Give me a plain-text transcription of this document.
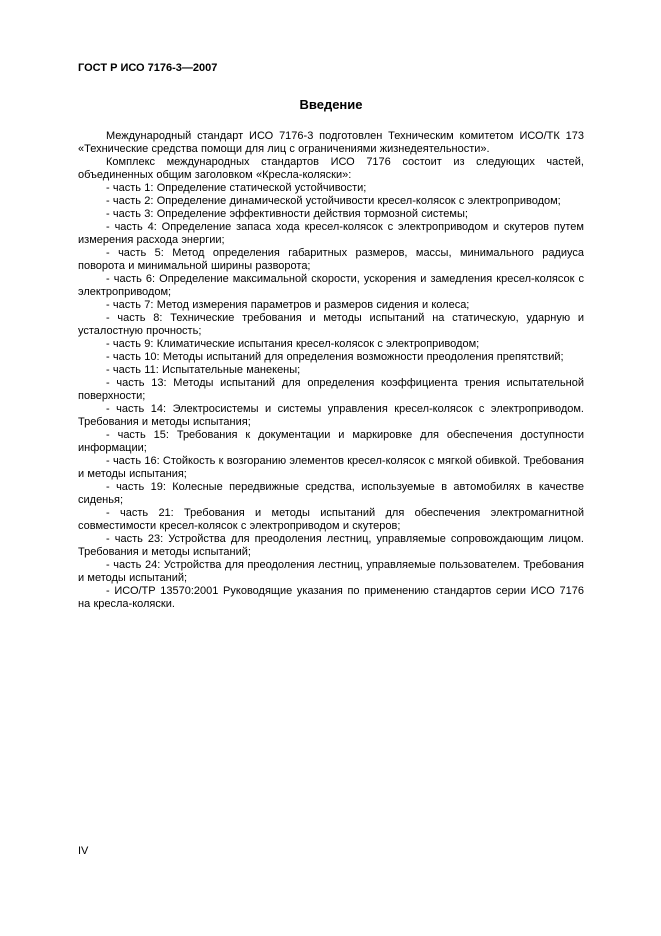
ГОСТ Р ИСО 7176-3—2007
Введение

Международный стандарт ИСО 7176-3 подготовлен Техническим комитетом ИСО/ТК 173 «Технические средства помощи для лиц с ограничениями жизнедеятельности».

Комплекс международных стандартов ИСО 7176 состоит из следующих частей, объединенных общим заголовком «Кресла-коляски»:

- часть 1: Определение статической устойчивости;

- часть 2: Определение динамической устойчивости кресел-колясок с электроприводом;

- часть 3: Определение эффективности действия тормозной системы;

- часть 4: Определение запаса хода кресел-колясок с электроприводом и скутеров путем измерения расхода энергии;

- часть 5: Метод определения габаритных размеров, массы, минимального радиуса поворота и минимальной ширины разворота;

- часть 6: Определение максимальной скорости, ускорения и замедления кресел-колясок с электроприводом;

- часть 7: Метод измерения параметров и размеров сидения и колеса;

- часть 8: Технические требования и методы испытаний на статическую, ударную и усталостную прочность;

- часть 9: Климатические испытания кресел-колясок с электроприводом;

- часть 10: Методы испытаний для определения возможности преодоления препятствий;

- часть 11: Испытательные манекены;

- часть 13: Методы испытаний для определения коэффициента трения испытательной поверхности;

- часть 14: Электросистемы и системы управления кресел-колясок с электроприводом. Требования и методы испытания;

- часть 15: Требования к документации и маркировке для обеспечения доступности информации;

- часть 16: Стойкость к возгоранию элементов кресел-колясок с мягкой обивкой. Требования и методы испытания;

- часть 19: Колесные передвижные средства, используемые в автомобилях в качестве сиденья;

- часть 21: Требования и методы испытаний для обеспечения электромагнитной совместимости кресел-колясок с электроприводом и скутеров;

- часть 23: Устройства для преодоления лестниц, управляемые сопровождающим лицом. Требования и методы испытаний;

- часть 24: Устройства для преодоления лестниц, управляемые пользователем. Требования и методы испытаний;

- ИСО/ТР 13570:2001 Руководящие указания по применению стандартов серии ИСО 7176 на кресла-коляски.

IV
